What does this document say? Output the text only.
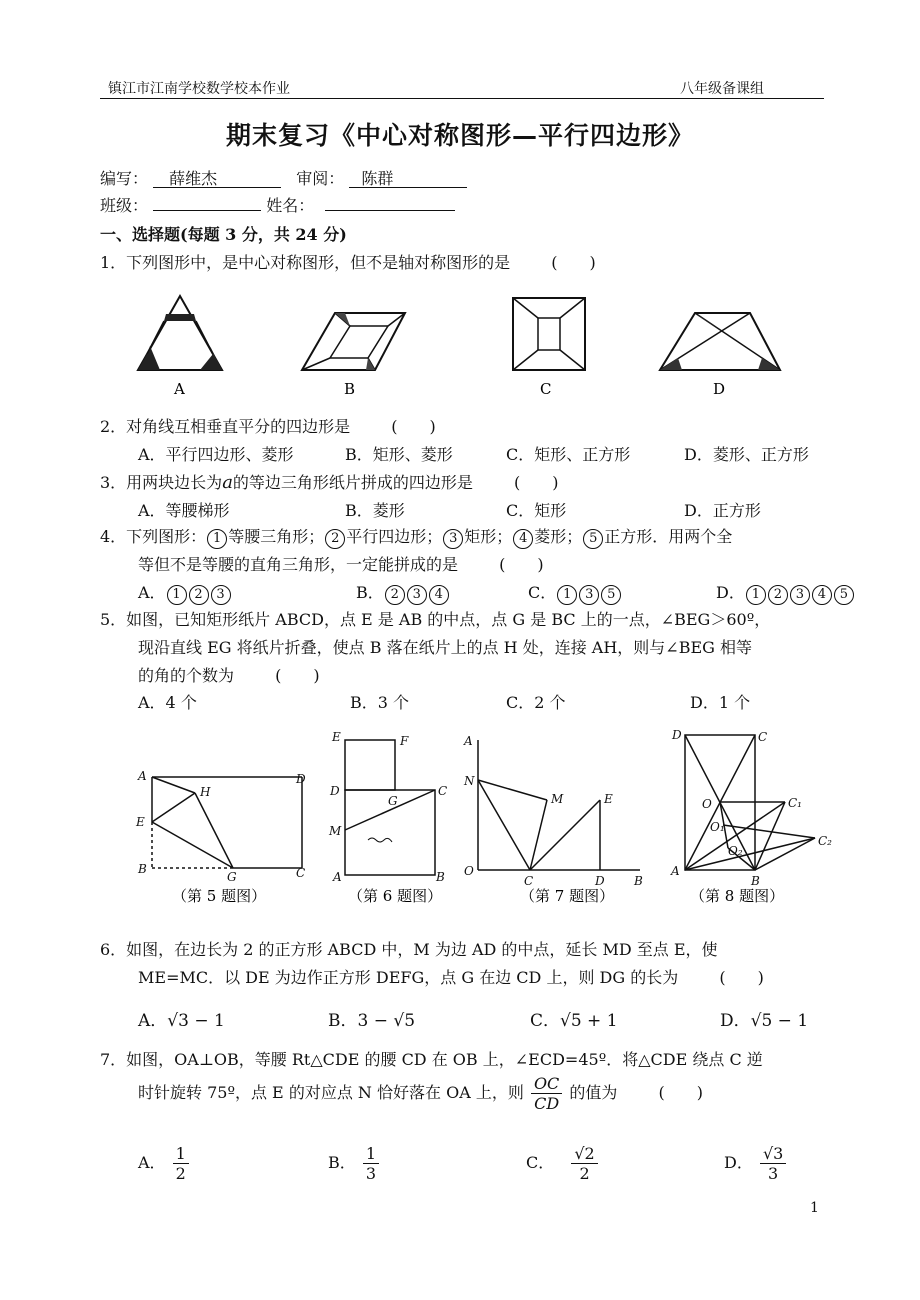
镇江市江南学校数学校本作业	八年级备课组
期末复习《中心对称图形—平行四边形》
编写： 薛维杰	审阅： 陈群
班级：	姓名：
一、选择题(每题 3 分，共 24 分)
1．下列图形中，是中心对称图形，但不是轴对称图形的是	(　　)
A	B	C	D
2．对角线互相垂直平分的四边形是	(　　)
A．平行四边形、菱形	B．矩形、菱形	C．矩形、正方形	D．菱形、正方形
3．用两块边长为a的等边三角形纸片拼成的四边形是	(　　)
A．等腰梯形	B．菱形	C．矩形	D．正方形
4．下列图形： 1 等腰三角形； 2 平行四边形； 3 矩形； 4 菱形； 5 正方形．用两个全
等但不是等腰的直角三角形，一定能拼成的是	(　　)
A． 1 2 3	B． 2 3 4	C． 1 3 5	D． 1 2 3 4 5
5．如图，已知矩形纸片 ABCD，点 E 是 AB 的中点，点 G 是 BC 上的一点，∠BEG＞60º，
现沿直线 EG 将纸片折叠，使点 B 落在纸片上的点 H 处，连接 AH，则与∠BEG 相等
的角的个数为	(　　)
A．4 个	B．3 个	C．2 个	D．1 个
A	D
E
H
B
G	C
（第 5 题图）
E	F
D
G
C
M
A	B
（第 6 题图）
A
N
M	E
O
C	D B
（第 7 题图）
D	C
O	C₁
O₁
C₂
O₂
A
B
（第 8 题图）
6．如图，在边长为 2 的正方形 ABCD 中，M 为边 AD 的中点，延长 MD 至点 E，使
ME=MC．以 DE 为边作正方形 DEFG，点 G 在边 CD 上，则 DG 的长为	(　　)
A．√3 − 1	B．3 − √5	C．√5 + 1	D．√5 − 1
7．如图，OA⊥OB，等腰 Rt△CDE 的腰 CD 在 OB 上，∠ECD=45º．将△CDE 绕点 C 逆
时针旋转 75º，点 E 的对应点 N 恰好落在 OA 上，则 $\frac{OC}{CD}$ 的值为	(　　)
A． $\frac{1}{2}$	B． $\frac{1}{3}$	C． $\frac{√2}{2}$	D． $\frac{√3}{3}$
1
